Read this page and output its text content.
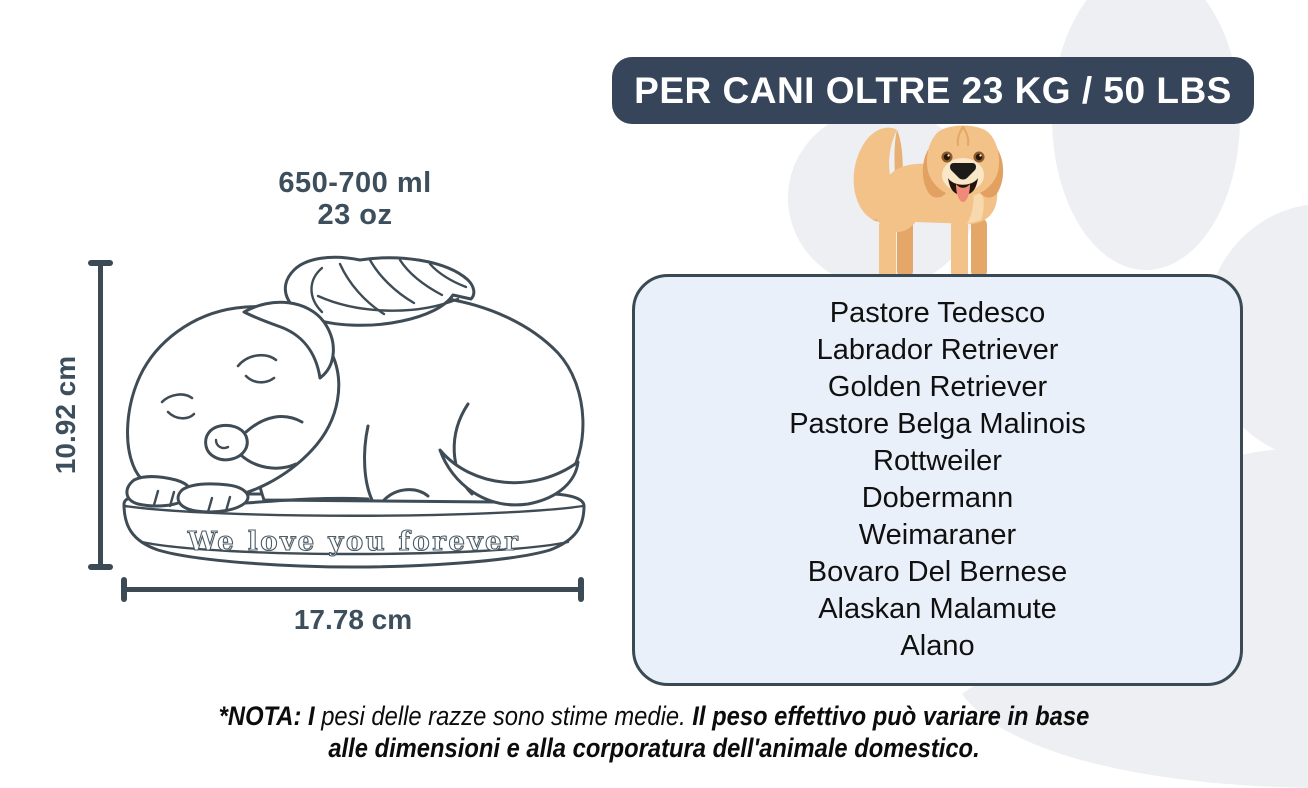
PER CANI OLTRE 23 KG / 50 LBS
Pastore Tedesco
Labrador Retriever
Golden Retriever
Pastore Belga Malinois
Rottweiler
Dobermann
Weimaraner
Bovaro Del Bernese
Alaskan Malamute
Alano
650-700 ml
23 oz
10.92 cm
17.78 cm
We love you forever
*NOTA: I pesi delle razze sono stime medie. Il peso effettivo può variare in base
alle dimensioni e alla corporatura dell'animale domestico.
